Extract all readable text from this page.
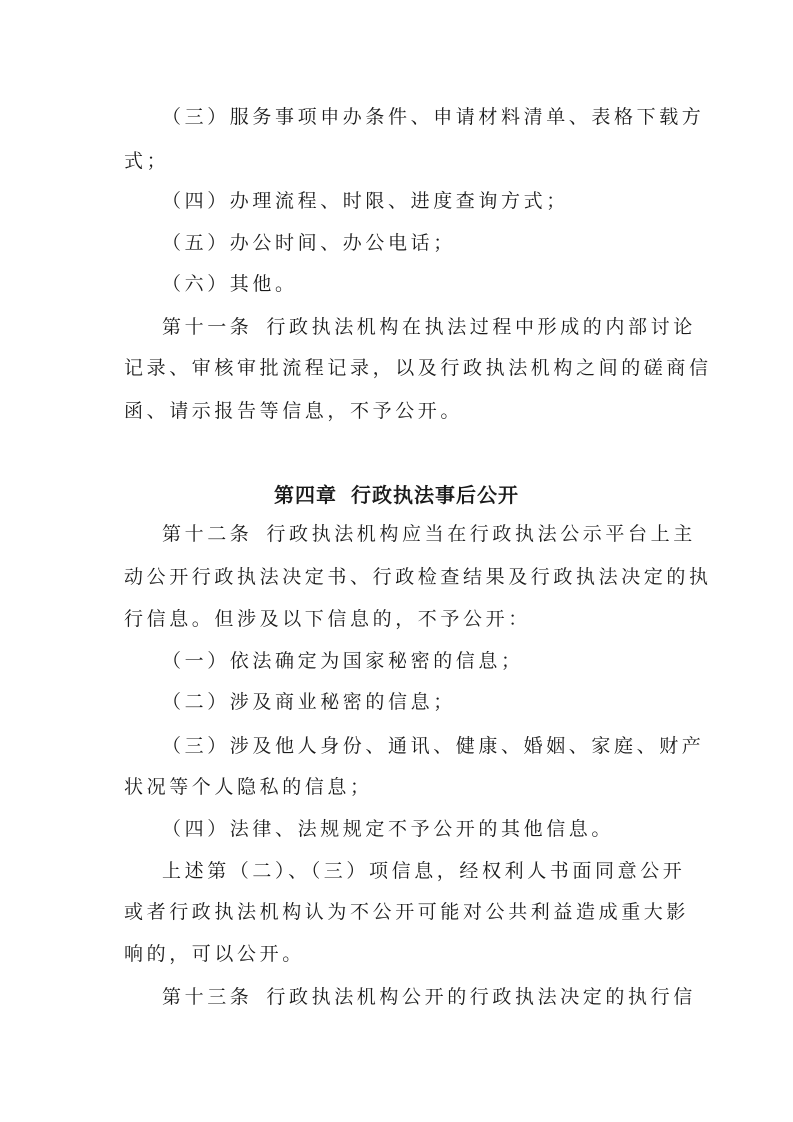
（三）服务事项申办条件、申请材料清单、表格下载方
式；
（四）办理流程、时限、进度查询方式；
（五）办公时间、办公电话；
（六）其他。
第十一条 行政执法机构在执法过程中形成的内部讨论
记录、审核审批流程记录，以及行政执法机构之间的磋商信
函、请示报告等信息，不予公开。
第四章 行政执法事后公开
第十二条 行政执法机构应当在行政执法公示平台上主
动公开行政执法决定书、行政检查结果及行政执法决定的执
行信息。但涉及以下信息的，不予公开：
（一）依法确定为国家秘密的信息；
（二）涉及商业秘密的信息；
（三）涉及他人身份、通讯、健康、婚姻、家庭、财产
状况等个人隐私的信息；
（四）法律、法规规定不予公开的其他信息。
上述第（二）、（三）项信息，经权利人书面同意公开
或者行政执法机构认为不公开可能对公共利益造成重大影
响的，可以公开。
第十三条 行政执法机构公开的行政执法决定的执行信
